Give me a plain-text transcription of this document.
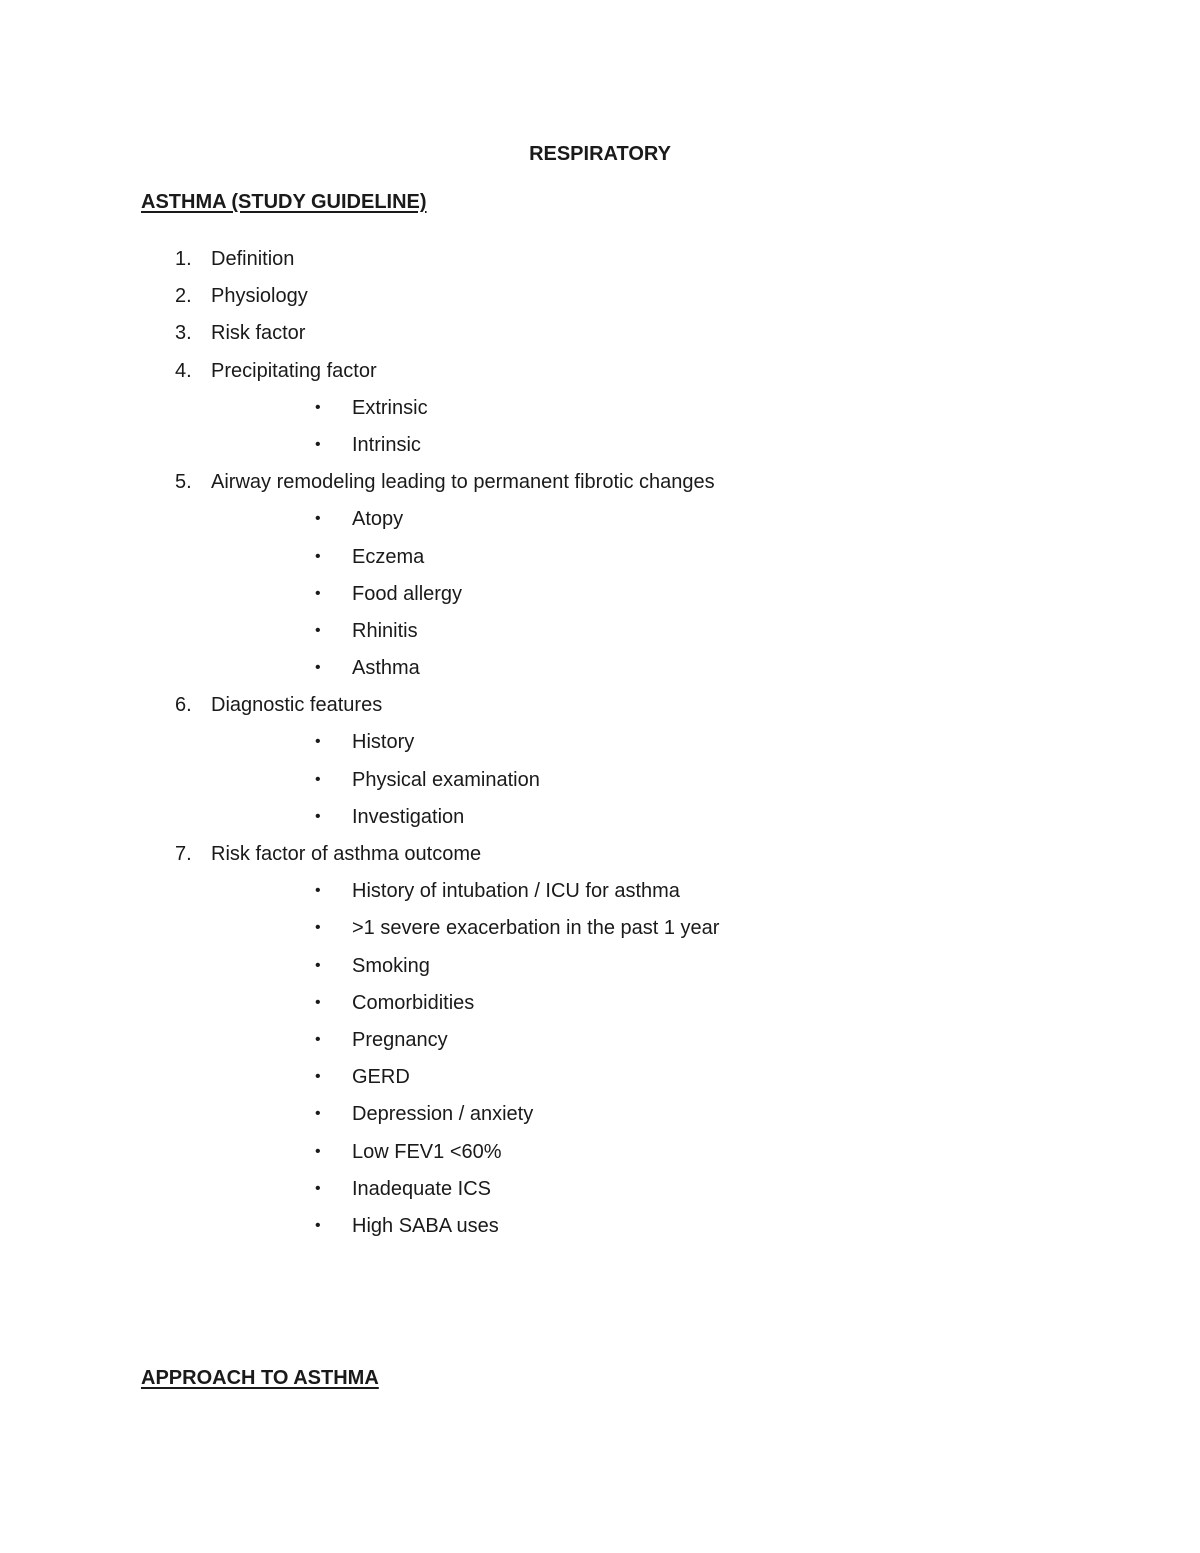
RESPIRATORY
ASTHMA (STUDY GUIDELINE)
1. Definition
2. Physiology
3. Risk factor
4. Precipitating factor
• Extrinsic
• Intrinsic
5. Airway remodeling leading to permanent fibrotic changes
• Atopy
• Eczema
• Food allergy
• Rhinitis
• Asthma
6. Diagnostic features
• History
• Physical examination
• Investigation
7. Risk factor of asthma outcome
• History of intubation / ICU for asthma
• >1 severe exacerbation in the past 1 year
• Smoking
• Comorbidities
• Pregnancy
• GERD
• Depression / anxiety
• Low FEV1 <60%
• Inadequate ICS
• High SABA uses
APPROACH TO ASTHMA
